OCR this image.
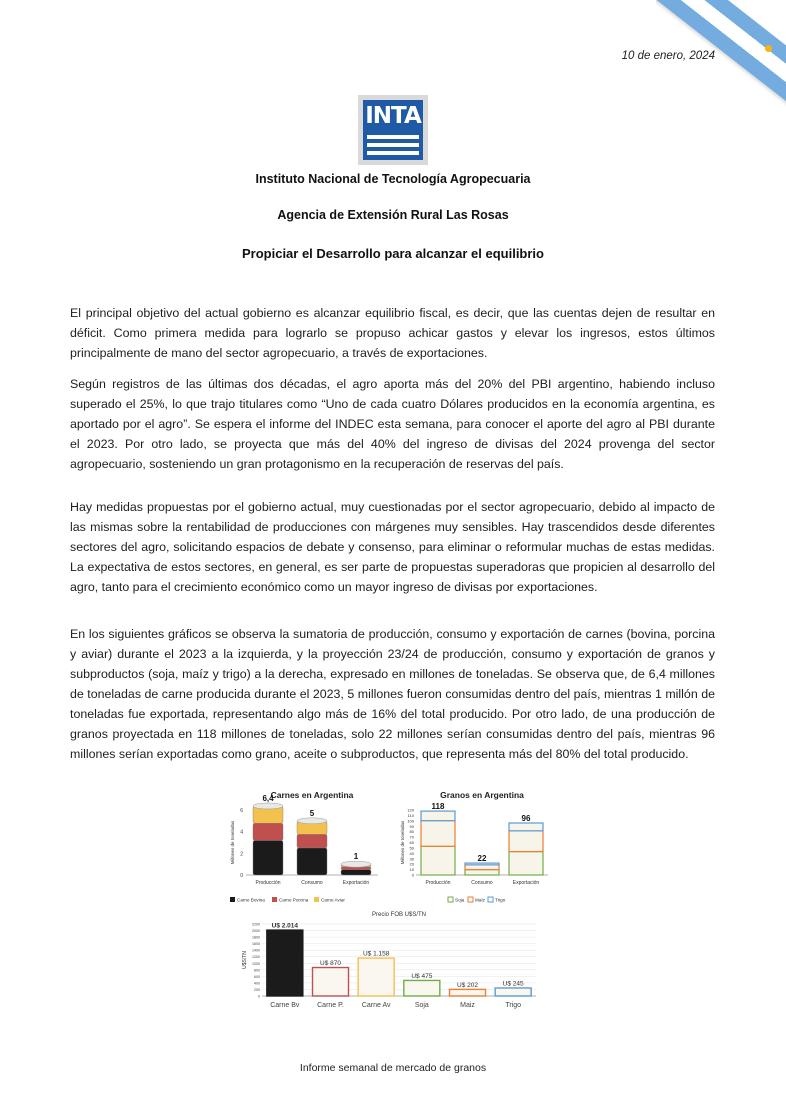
10 de enero, 2024
INTA
Instituto Nacional de Tecnología Agropecuaria
Agencia de Extensión Rural Las Rosas
Propiciar el Desarrollo para alcanzar el equilibrio

El principal objetivo del actual gobierno es alcanzar equilibrio fiscal, es decir, que las cuentas dejen de resultar en déficit. Como primera medida para lograrlo se propuso achicar gastos y elevar los ingresos, estos últimos principalmente de mano del sector agropecuario, a través de exportaciones.

Según registros de las últimas dos décadas, el agro aporta más del 20% del PBI argentino, habiendo incluso superado el 25%, lo que trajo titulares como “Uno de cada cuatro Dólares producidos en la economía argentina, es aportado por el agro”. Se espera el informe del INDEC esta semana, para conocer el aporte del agro al PBI durante el 2023. Por otro lado, se proyecta que más del 40% del ingreso de divisas del 2024 provenga del sector agropecuario, sosteniendo un gran protagonismo en la recuperación de reservas del país.

Hay medidas propuestas por el gobierno actual, muy cuestionadas por el sector agropecuario, debido al impacto de las mismas sobre la rentabilidad de producciones con márgenes muy sensibles. Hay trascendidos desde diferentes sectores del agro, solicitando espacios de debate y consenso, para eliminar o reformular muchas de estas medidas. La expectativa de estos sectores, en general, es ser parte de propuestas superadoras que propicien al desarrollo del agro, tanto para el crecimiento económico como un mayor ingreso de divisas por exportaciones.

En los siguientes gráficos se observa la sumatoria de producción, consumo y exportación de carnes (bovina, porcina y aviar) durante el 2023 a la izquierda, y la proyección 23/24 de producción, consumo y exportación de granos y subproductos (soja, maíz y trigo) a la derecha, expresado en millones de toneladas. Se observa que, de 6,4 millones de toneladas de carne producida durante el 2023, 5 millones fueron consumidas dentro del país, mientras 1 millón de toneladas fue exportada, representando algo más de 16% del total producido. Por otro lado, de una producción de granos proyectada en 118 millones de toneladas, solo 22 millones serían consumidas dentro del país, mientras 96 millones serían exportadas como grano, aceite o subproductos, que representa más del 80% del total producido.

Carnes en Argentina
Millones de toneladas
0
2
4
6
6,4
Producción
5
Consumo
1
Exportación
Carne Bovina	Carne Porcina	Carne Aviar
Granos en Argentina
Millones de toneladas
0
10
20
30
40
50
60
70
80
90
100
110
120 118
Producción
22
Consumo
96
Exportación
Soja Maíz Trigo
Precio FOB U$S/TN
U$S/TN
0
200
400
600
800
1000
1200
1400
1600
1800
2000
2200 U$ 2.014
Carne Bv
U$ 870
Carne P.
U$ 1.158
Carne Av
U$ 475
Soja
U$ 202
Maiz
U$ 245
Trigo
Informe semanal de mercado de granos
